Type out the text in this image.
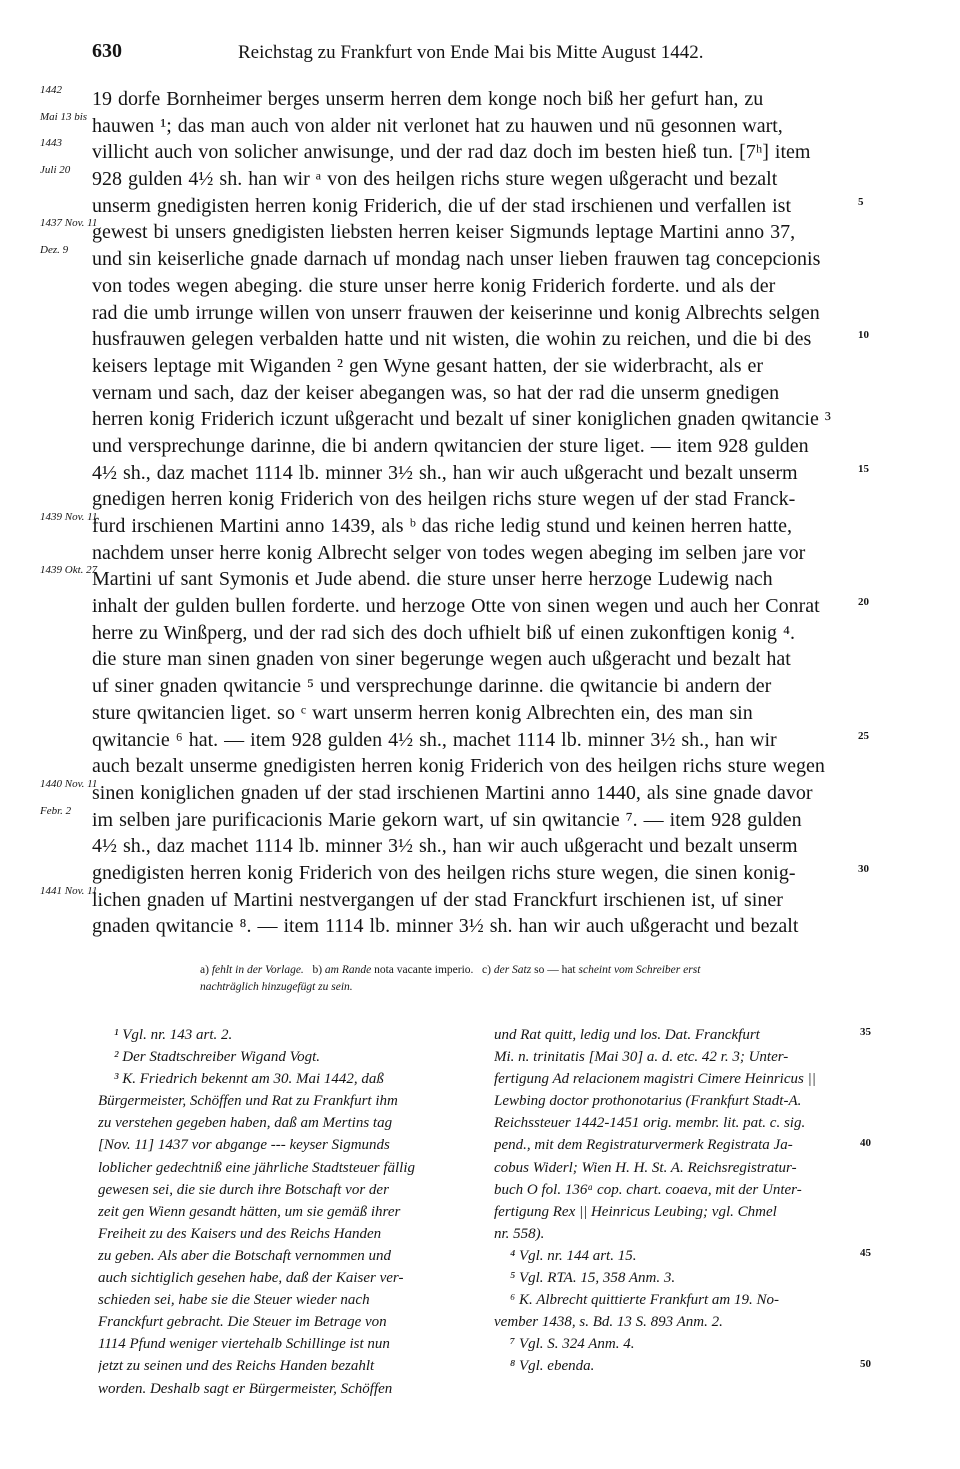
630	Reichstag zu Frankfurt von Ende Mai bis Mitte August 1442.
19 dorfe Bornheimer berges unserm herren dem konge noch biß her gefurt han, zu
1442
hauwen ¹; das man auch von alder nit verlonet hat zu hauwen und nū gesonnen wart,
Mai 13 bis
villicht auch von solicher anwisunge, und der rad daz doch im besten hieß tun. [7ʰ] item
1443
928 gulden 4½ sh. han wir ᵃ von des heilgen richs sture wegen ußgeracht und bezalt
Juli 20
unserm gnedigisten herren konig Friderich, die uf der stad irschienen und verfallen ist	5
gewest bi unsers gnedigisten liebsten herren keiser Sigmunds leptage Martini anno 37,
1437 Nov. 11
und sin keiserliche gnade darnach uf mondag nach unser lieben frauwen tag concepcionis
Dez. 9
von todes wegen abeging. die sture unser herre konig Friderich forderte. und als der
rad die umb irrunge willen von unserr frauwen der keiserinne und konig Albrechts selgen
husfrauwen gelegen verbalden hatte und nit wisten, die wohin zu reichen, und die bi des	10
keisers leptage mit Wiganden ² gen Wyne gesant hatten, der sie widerbracht, als er
vernam und sach, daz der keiser abegangen was, so hat der rad die unserm gnedigen
herren konig Friderich iczunt ußgeracht und bezalt uf siner koniglichen gnaden qwitancie ³
und versprechunge darinne, die bi andern qwitancien der sture liget. — item 928 gulden
4½ sh., daz machet 1114 lb. minner 3½ sh., han wir auch ußgeracht und bezalt unserm	15
gnedigen herren konig Friderich von des heilgen richs sture wegen uf der stad Franck-
furd irschienen Martini anno 1439, als ᵇ das riche ledig stund und keinen herren hatte,
1439 Nov. 11
nachdem unser herre konig Albrecht selger von todes wegen abeging im selben jare vor
Martini uf sant Symonis et Jude abend. die sture unser herre herzoge Ludewig nach
1439 Okt. 27
inhalt der gulden bullen forderte. und herzoge Otte von sinen wegen und auch her Conrat	20
herre zu Winßperg, und der rad sich des doch ufhielt biß uf einen zukonftigen konig ⁴.
die sture man sinen gnaden von siner begerunge wegen auch ußgeracht und bezalt hat
uf siner gnaden qwitancie ⁵ und versprechunge darinne. die qwitancie bi andern der
sture qwitancien liget. so ᶜ wart unserm herren konig Albrechten ein, des man sin
qwitancie ⁶ hat. — item 928 gulden 4½ sh., machet 1114 lb. minner 3½ sh., han wir	25
auch bezalt unserme gnedigisten herren konig Friderich von des heilgen richs sture wegen
sinen koniglichen gnaden uf der stad irschienen Martini anno 1440, als sine gnade davor
1440 Nov. 11
im selben jare purificacionis Marie gekorn wart, uf sin qwitancie ⁷. — item 928 gulden
Febr. 2
4½ sh., daz machet 1114 lb. minner 3½ sh., han wir auch ußgeracht und bezalt unserm
gnedigisten herren konig Friderich von des heilgen richs sture wegen, die sinen konig-	30
lichen gnaden uf Martini nestvergangen uf der stad Franckfurt irschienen ist, uf siner
1441 Nov. 11
gnaden qwitancie ⁸. — item 1114 lb. minner 3½ sh. han wir auch ußgeracht und bezalt
a) fehlt in der Vorlage. b) am Rande nota vacante imperio. c) der Satz so — hat scheint vom Schreiber erst
nachträglich hinzugefügt zu sein.
¹ Vgl. nr. 143 art. 2.
² Der Stadtschreiber Wigand Vogt.
³ K. Friedrich bekennt am 30. Mai 1442, daß
Bürgermeister, Schöffen und Rat zu Frankfurt ihm
zu verstehen gegeben haben, daß am Mertins tag
[Nov. 11] 1437 vor abgange --- keyser Sigmunds
loblicher gedechtniß eine jährliche Stadtsteuer fällig
gewesen sei, die sie durch ihre Botschaft vor der
zeit gen Wienn gesandt hätten, um sie gemäß ihrer
Freiheit zu des Kaisers und des Reichs Handen
zu geben. Als aber die Botschaft vernommen und
auch sichtiglich gesehen habe, daß der Kaiser ver-
schieden sei, habe sie die Steuer wieder nach
Franckfurt gebracht. Die Steuer im Betrage von
1114 Pfund weniger viertehalb Schillinge ist nun
jetzt zu seinen und des Reichs Handen bezahlt
worden. Deshalb sagt er Bürgermeister, Schöffen
und Rat quitt, ledig und los. Dat. Franckfurt
Mi. n. trinitatis [Mai 30] a. d. etc. 42 r. 3; Unter-
fertigung Ad relacionem magistri Cimere Heinricus ||
Lewbing doctor prothonotarius (Frankfurt Stadt-A.
Reichssteuer 1442-1451 orig. membr. lit. pat. c. sig.
pend., mit dem Registraturvermerk Registrata Ja-
cobus Widerl; Wien H. H. St. A. Reichsregistratur-
buch O fol. 136ᵃ cop. chart. coaeva, mit der Unter-
fertigung Rex || Heinricus Leubing; vgl. Chmel
nr. 558).
⁴ Vgl. nr. 144 art. 15.
⁵ Vgl. RTA. 15, 358 Anm. 3.
⁶ K. Albrecht quittierte Frankfurt am 19. No-
vember 1438, s. Bd. 13 S. 893 Anm. 2.
⁷ Vgl. S. 324 Anm. 4.
⁸ Vgl. ebenda.
35
40
45
50
